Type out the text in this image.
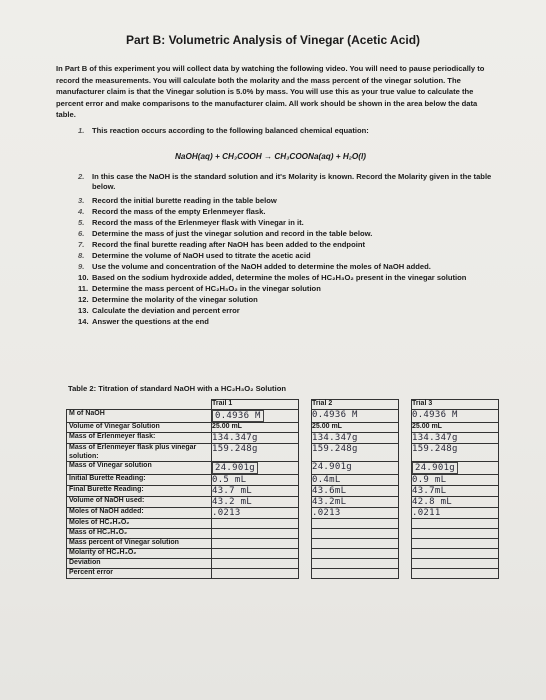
Part B: Volumetric Analysis of Vinegar (Acetic Acid)
In Part B of this experiment you will collect data by watching the following video. You will need to pause periodically to record the measurements. You will calculate both the molarity and the mass percent of the vinegar solution. The manufacturer claim is that the Vinegar solution is 5.0% by mass. You will use this as your true value to calculate the percent error and make comparisons to the manufacturer claim. All work should be shown in the area below the data table.
1. This reaction occurs according to the following balanced chemical equation:
NaOH(aq) + CH₃COOH → CH₃COONa(aq) + H₂O(l)
2. In this case the NaOH is the standard solution and it's Molarity is known. Record the Molarity given in the table below.
3. Record the initial burette reading in the table below
4. Record the mass of the empty Erlenmeyer flask.
5. Record the mass of the Erlenmeyer flask with Vinegar in it.
6. Determine the mass of just the vinegar solution and record in the table below.
7. Record the final burette reading after NaOH has been added to the endpoint
8. Determine the volume of NaOH used to titrate the acetic acid
9. Use the volume and concentration of the NaOH added to determine the moles of NaOH added.
10. Based on the sodium hydroxide added, determine the moles of HC₂H₃O₂ present in the vinegar solution
11. Determine the mass percent of HC₂H₃O₂ in the vinegar solution
12. Determine the molarity of the vinegar solution
13. Calculate the deviation and percent error
14. Answer the questions at the end
Table 2: Titration of standard NaOH with a HC₂H₃O₂ Solution
	Trail 1		Trial 2		Trial 3
M of NaOH	0.4936 M		0.4936 M		0.4936 M
Volume of Vinegar Solution	25.00 mL		25.00 mL		25.00 mL
Mass of Erlenmeyer flask:	134.347g		134.347g		134.347g
Mass of Erlenmeyer flask plus vinegar solution:	159.248g		159.248g		159.248g
Mass of Vinegar solution	24.901g		24.901g		24.901g
Initial Burette Reading:	0.5 mL		0.4mL		0.9 mL
Final Burette Reading:	43.7 mL		43.6mL		43.7mL
Volume of NaOH used:	43.2 mL		43.2mL		42.8 mL
Moles of NaOH added:	.0213		.0213		.0211
Moles of HC₂H₃O₂					
Mass of HC₂H₃O₂					
Mass percent of Vinegar solution					
Molarity of HC₂H₃O₂					
Deviation					
Percent error					
